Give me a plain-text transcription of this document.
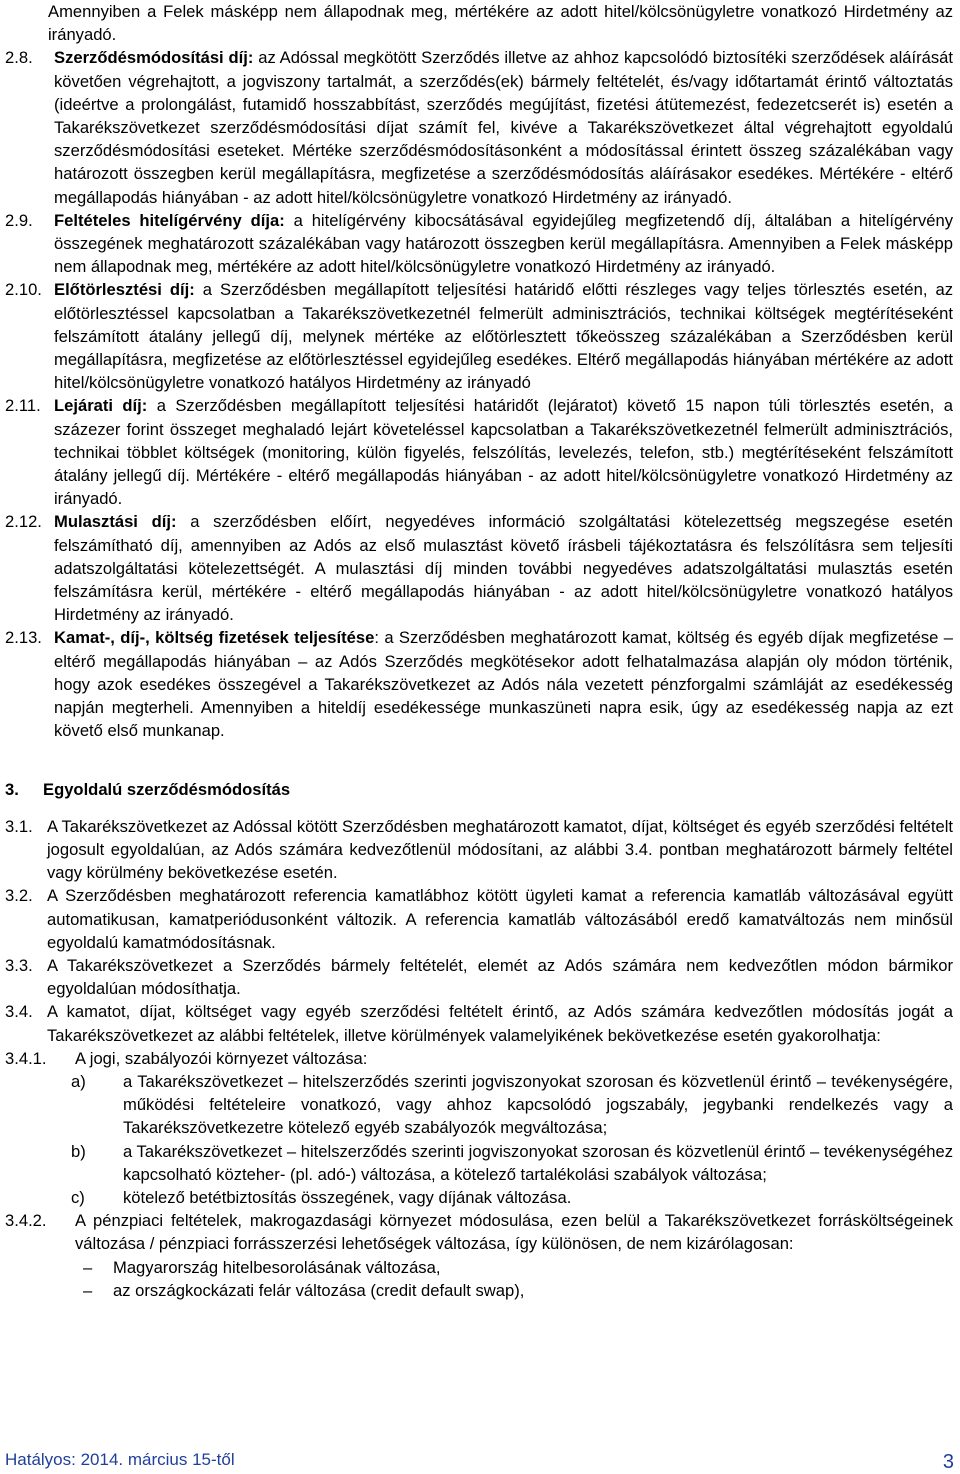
Amennyiben a Felek másképp nem állapodnak meg, mértékére az adott hitel/kölcsönügyletre vonatkozó Hirdetmény az irányadó.
2.8.	Szerződésmódosítási díj: az Adóssal megkötött Szerződés illetve az ahhoz kapcsolódó biztosítéki szerződések aláírását követően végrehajtott, a jogviszony tartalmát, a szerződés(ek) bármely feltételét, és/vagy időtartamát érintő változtatás (ideértve a prolongálást, futamidő hosszabbítást, szerződés megújítást, fizetési átütemezést, fedezetcserét is) esetén a Takarékszövetkezet szerződésmódosítási díjat számít fel, kivéve a Takarékszövetkezet által végrehajtott egyoldalú szerződésmódosítási eseteket. Mértéke szerződésmódosításonként a módosítással érintett összeg százalékában vagy határozott összegben kerül megállapításra, megfizetése a szerződésmódosítás aláírásakor esedékes. Mértékére - eltérő megállapodás hiányában - az adott hitel/kölcsönügyletre vonatkozó Hirdetmény az irányadó.
2.9.	Feltételes hitelígérvény díja: a hitelígérvény kibocsátásával egyidejűleg megfizetendő díj, általában a hitelígérvény összegének meghatározott százalékában vagy határozott összegben kerül megállapításra. Amennyiben a Felek másképp nem állapodnak meg, mértékére az adott hitel/kölcsönügyletre vonatkozó Hirdetmény az irányadó.
2.10. Előtörlesztési díj: a Szerződésben megállapított teljesítési határidő előtti részleges vagy teljes törlesztés esetén, az előtörlesztéssel kapcsolatban a Takarékszövetkezetnél felmerült adminisztrációs, technikai költségek megtérítéseként felszámított átalány jellegű díj, melynek mértéke az előtörlesztett tőkeösszeg százalékában a Szerződésben kerül megállapításra, megfizetése az előtörlesztéssel egyidejűleg esedékes. Eltérő megállapodás hiányában mértékére az adott hitel/kölcsönügyletre vonatkozó hatályos Hirdetmény az irányadó
2.11. Lejárati díj: a Szerződésben megállapított teljesítési határidőt (lejáratot) követő 15 napon túli törlesztés esetén, a százezer forint összeget meghaladó lejárt követeléssel kapcsolatban a Takarékszövetkezetnél felmerült adminisztrációs, technikai többlet költségek (monitoring, külön figyelés, felszólítás, levelezés, telefon, stb.) megtérítéseként felszámított átalány jellegű díj. Mértékére - eltérő megállapodás hiányában - az adott hitel/kölcsönügyletre vonatkozó Hirdetmény az irányadó.
2.12. Mulasztási díj: a szerződésben előírt, negyedéves információ szolgáltatási kötelezettség megszegése esetén felszámítható díj, amennyiben az Adós az első mulasztást követő írásbeli tájékoztatásra és felszólításra sem teljesíti adatszolgáltatási kötelezettségét. A mulasztási díj minden további negyedéves adatszolgáltatási mulasztás esetén felszámításra kerül, mértékére - eltérő megállapodás hiányában - az adott hitel/kölcsönügyletre vonatkozó hatályos Hirdetmény az irányadó.
2.13. Kamat-, díj-, költség fizetések teljesítése: a Szerződésben meghatározott kamat, költség és egyéb díjak megfizetése – eltérő megállapodás hiányában – az Adós Szerződés megkötésekor adott felhatalmazása alapján oly módon történik, hogy azok esedékes összegével a Takarékszövetkezet az Adós nála vezetett pénzforgalmi számláját az esedékesség napján megterheli. Amennyiben a hiteldíj esedékessége munkaszüneti napra esik, úgy az esedékesség napja az ezt követő első munkanap.
3.	Egyoldalú szerződésmódosítás
3.1. A Takarékszövetkezet az Adóssal kötött Szerződésben meghatározott kamatot, díjat, költséget és egyéb szerződési feltételt jogosult egyoldalúan, az Adós számára kedvezőtlenül módosítani, az alábbi 3.4. pontban meghatározott bármely feltétel vagy körülmény bekövetkezése esetén.
3.2. A Szerződésben meghatározott referencia kamatlábhoz kötött ügyleti kamat a referencia kamatláb változásával együtt automatikusan, kamatperiódusonként változik. A referencia kamatláb változásából eredő kamatváltozás nem minősül egyoldalú kamatmódosításnak.
3.3. A Takarékszövetkezet a Szerződés bármely feltételét, elemét az Adós számára nem kedvezőtlen módon bármikor egyoldalúan módosíthatja.
3.4. A kamatot, díjat, költséget vagy egyéb szerződési feltételt érintő, az Adós számára kedvezőtlen módosítás jogát a Takarékszövetkezet az alábbi feltételek, illetve körülmények valamelyikének bekövetkezése esetén gyakorolhatja:
3.4.1.	A jogi, szabályozói környezet változása:
a)	a Takarékszövetkezet – hitelszerződés szerinti jogviszonyokat szorosan és közvetlenül érintő – tevékenységére, működési feltételeire vonatkozó, vagy ahhoz kapcsolódó jogszabály, jegybanki rendelkezés vagy a Takarékszövetkezetre kötelező egyéb szabályozók megváltozása;
b)	a Takarékszövetkezet – hitelszerződés szerinti jogviszonyokat szorosan és közvetlenül érintő – tevékenységéhez kapcsolható közteher- (pl. adó-) változása, a kötelező tartalékolási szabályok változása;
c)	kötelező betétbiztosítás összegének, vagy díjának változása.
3.4.2.	A pénzpiaci feltételek, makrogazdasági környezet módosulása, ezen belül a Takarékszövetkezet forrásköltségeinek változása / pénzpiaci forrásszerzési lehetőségek változása, így különösen, de nem kizárólagosan:
–	Magyarország hitelbesorolásának változása,
–	az országkockázati felár változása (credit default swap),
Hatályos: 2014. március 15-től	3
